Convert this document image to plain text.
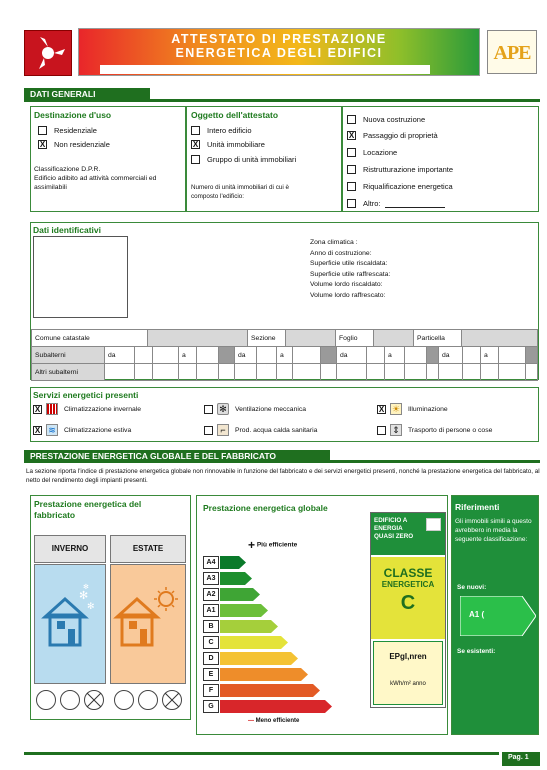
ATTESTATO DI PRESTAZIONE
ENERGETICA DEGLI EDIFICI	APE
DATI GENERALI
Destinazione d'uso
Residenziale
X Non residenziale
Classificazione D.P.R.
Edificio adibito ad attività commerciali ed assimilabili
Oggetto dell'attestato
Intero edificio
X Unità immobiliare
Gruppo di unità immobiliari
Numero di unità immobiliari di cui è composto l'edificio:
Nuova costruzione
X Passaggio di proprietà
Locazione
Ristrutturazione importante
Riqualificazione energetica
Altro:
Dati identificativi
Zona climatica :
Anno di costruzione:
Superficie utile riscaldata:
Superficie utile raffrescata:
Volume lordo riscaldato:
Volume lordo raffrescato:
Comune catastale		Sezione		Foglio		Particella	
Subalterni	da			a			da		a			da		a			da		a		
Altri subalterni																					
Servizi energetici presenti
X	Climatizzazione invernale	✻	Ventilazione meccanica	X ☀ Illuminazione
X ≋	Climatizzazione estiva	⌐	Prod. acqua calda sanitaria	⇕	Trasporto di persone o cose
PRESTAZIONE ENERGETICA GLOBALE E DEL FABBRICATO
La sezione riporta l'indice di prestazione energetica globale non rinnovabile in funzione del fabbricato e dei servizi energetici presenti, nonché la prestazione energetica del fabbricato, al netto del rendimento degli impianti presenti.
Prestazione energetica del fabbricato
INVERNO	ESTATE
✻
✻
✻
Prestazione energetica globale
+ Più efficiente
A4
A3
A2
A1
B
C
D
E
F
G
— Meno efficiente
EDIFICIO A ENERGIA QUASI ZERO
CLASSE
ENERGETICA
C
EPgl,nren
kWh/m² anno
Riferimenti
Gli immobili simili a questo avrebbero in media la seguente classificazione:
Se nuovi:
A1 (
Se esistenti:
Pag. 1
